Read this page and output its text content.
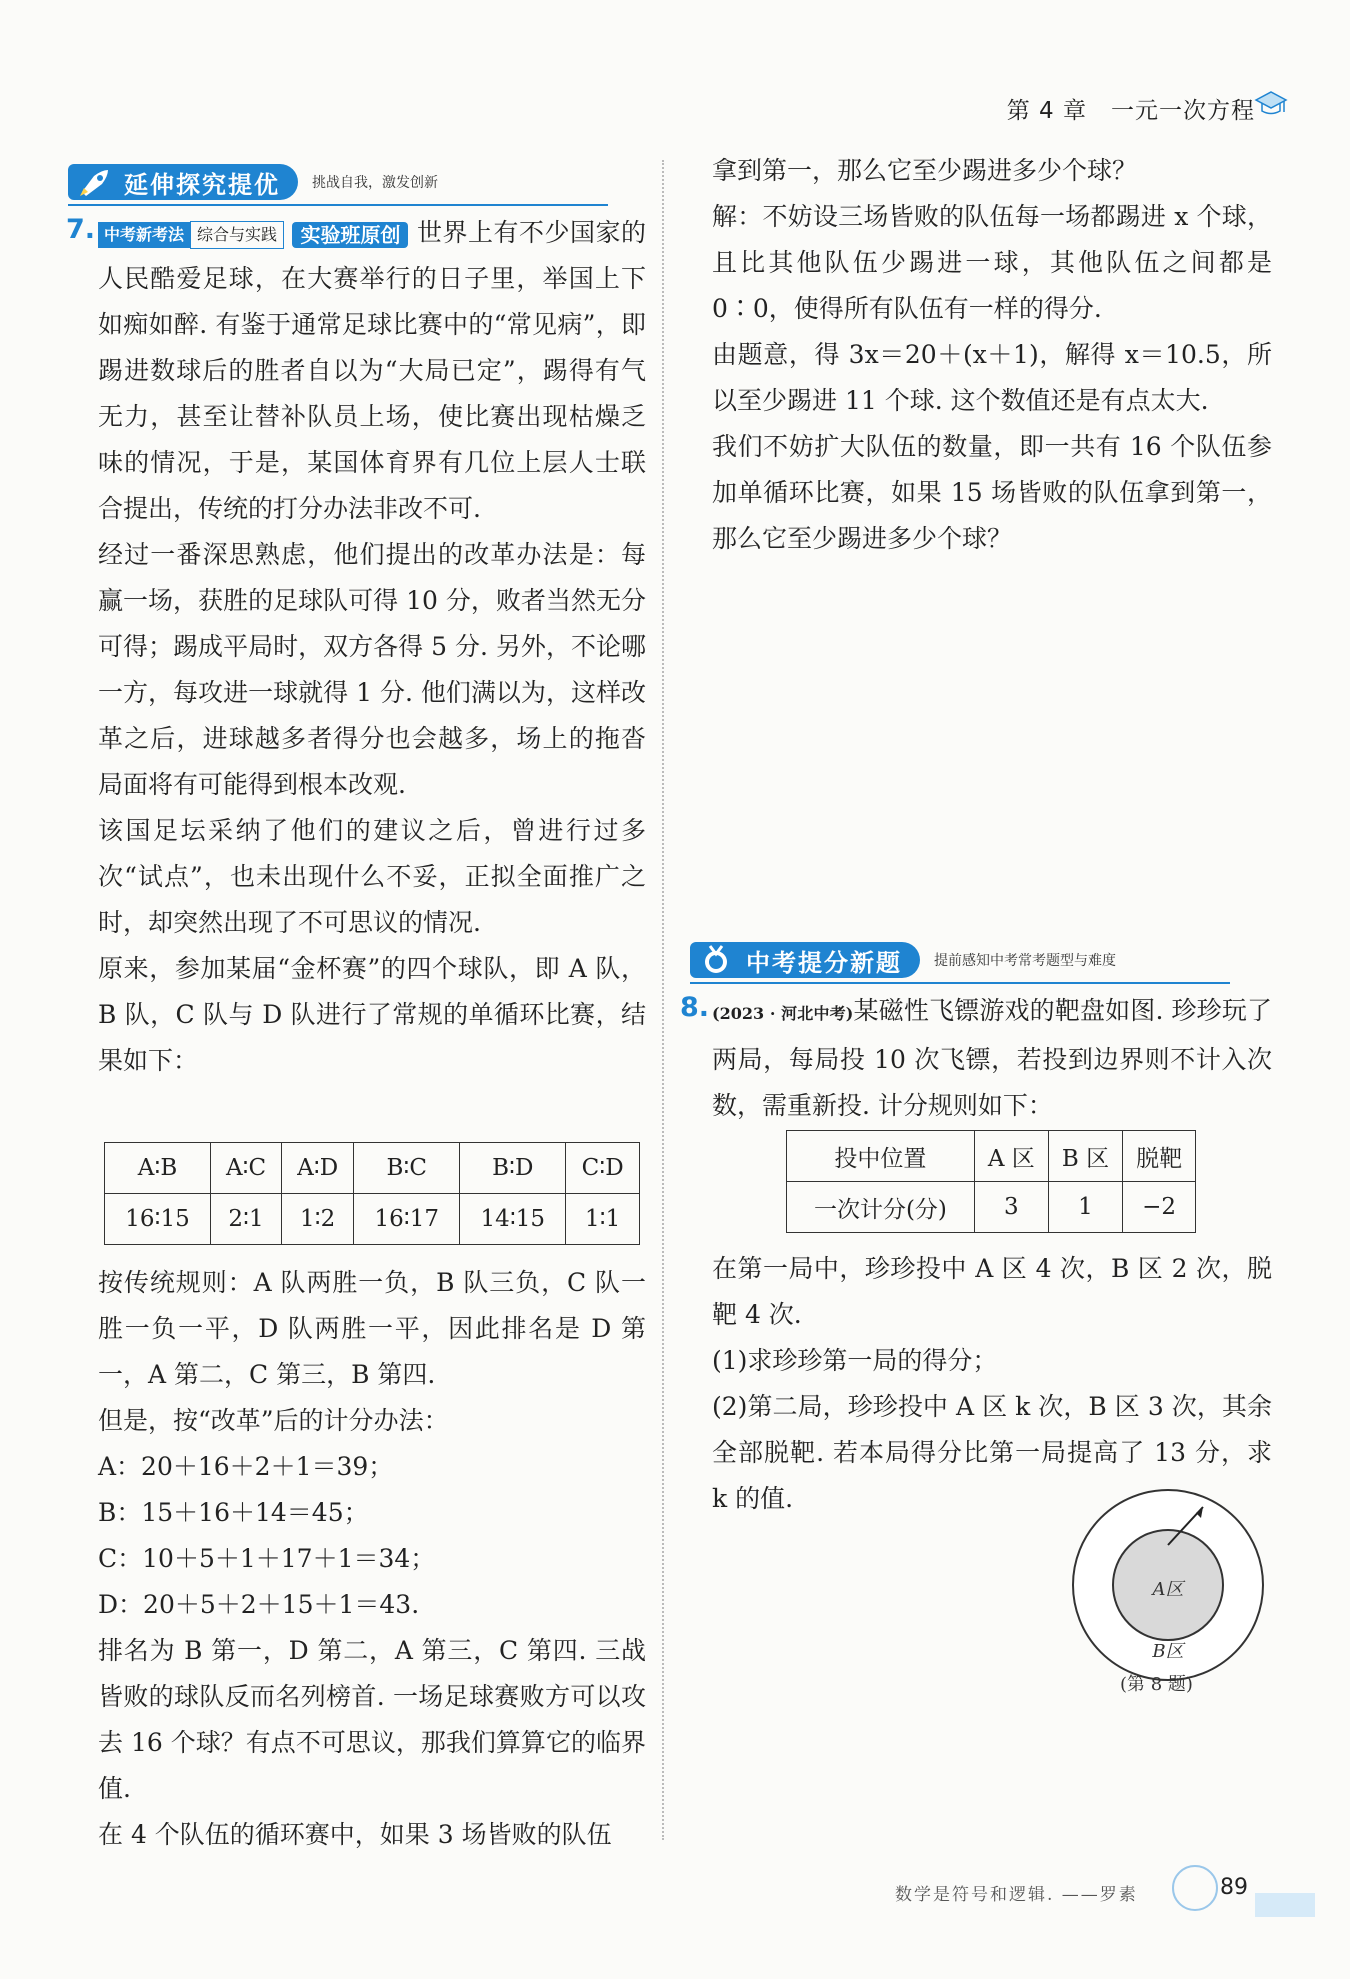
第 4 章　一元一次方程
延伸探究提优 挑战自我，激发创新
7. 中考新考法 综合与实践 实验班原创 世界上有不少国家的人民酷爱足球，在大赛举行的日子里，举国上下如痴如醉. 有鉴于通常足球比赛中的“常见病”，即踢进数球后的胜者自以为“大局已定”，踢得有气无力，甚至让替补队员上场，使比赛出现枯燥乏味的情况，于是，某国体育界有几位上层人士联合提出，传统的打分办法非改不可.

经过一番深思熟虑，他们提出的改革办法是：每赢一场，获胜的足球队可得 10 分，败者当然无分可得；踢成平局时，双方各得 5 分. 另外，不论哪一方，每攻进一球就得 1 分. 他们满以为，这样改革之后，进球越多者得分也会越多，场上的拖沓局面将有可能得到根本改观.

该国足坛采纳了他们的建议之后，曾进行过多次“试点”，也未出现什么不妥，正拟全面推广之时，却突然出现了不可思议的情况.

原来，参加某届“金杯赛”的四个球队，即 A 队，B 队，C 队与 D 队进行了常规的单循环比赛，结果如下：

A∶B	A∶C	A∶D	B∶C	B∶D	C∶D
16∶15	2∶1	1∶2	16∶17	14∶15	1∶1

按传统规则：A 队两胜一负，B 队三负，C 队一胜一负一平，D 队两胜一平，因此排名是 D 第一，A 第二，C 第三，B 第四.

但是，按“改革”后的计分办法：

A：20＋16＋2＋1＝39；

B：15＋16＋14＝45；

C：10＋5＋1＋17＋1＝34；

D：20＋5＋2＋15＋1＝43.

排名为 B 第一，D 第二，A 第三，C 第四. 三战皆败的球队反而名列榜首. 一场足球赛败方可以攻去 16 个球？有点不可思议，那我们算算它的临界值.

在 4 个队伍的循环赛中，如果 3 场皆败的队伍

拿到第一，那么它至少踢进多少个球？

解：不妨设三场皆败的队伍每一场都踢进 x 个球，且比其他队伍少踢进一球，其他队伍之间都是 0∶0，使得所有队伍有一样的得分.

由题意，得 3x＝20＋(x＋1)，解得 x＝10.5，所以至少踢进 11 个球. 这个数值还是有点太大.

我们不妨扩大队伍的数量，即一共有 16 个队伍参加单循环比赛，如果 15 场皆败的队伍拿到第一，那么它至少踢进多少个球？

中考提分新题 提前感知中考常考题型与难度
8. (2023 · 河北中考)某磁性飞镖游戏的靶盘如图. 珍珍玩了两局，每局投 10 次飞镖，若投到边界则不计入次数，需重新投. 计分规则如下：

投中位置	A 区	B 区	脱靶
一次计分(分)	3	1	−2

在第一局中，珍珍投中 A 区 4 次，B 区 2 次，脱靶 4 次.

(1)求珍珍第一局的得分；

(2)第二局，珍珍投中 A 区 k 次，B 区 3 次，其余全部脱靶. 若本局得分比第一局提高了 13 分，求 k 的值.

A区
B区
(第 8 题)
数学是符号和逻辑. ——罗素	89
